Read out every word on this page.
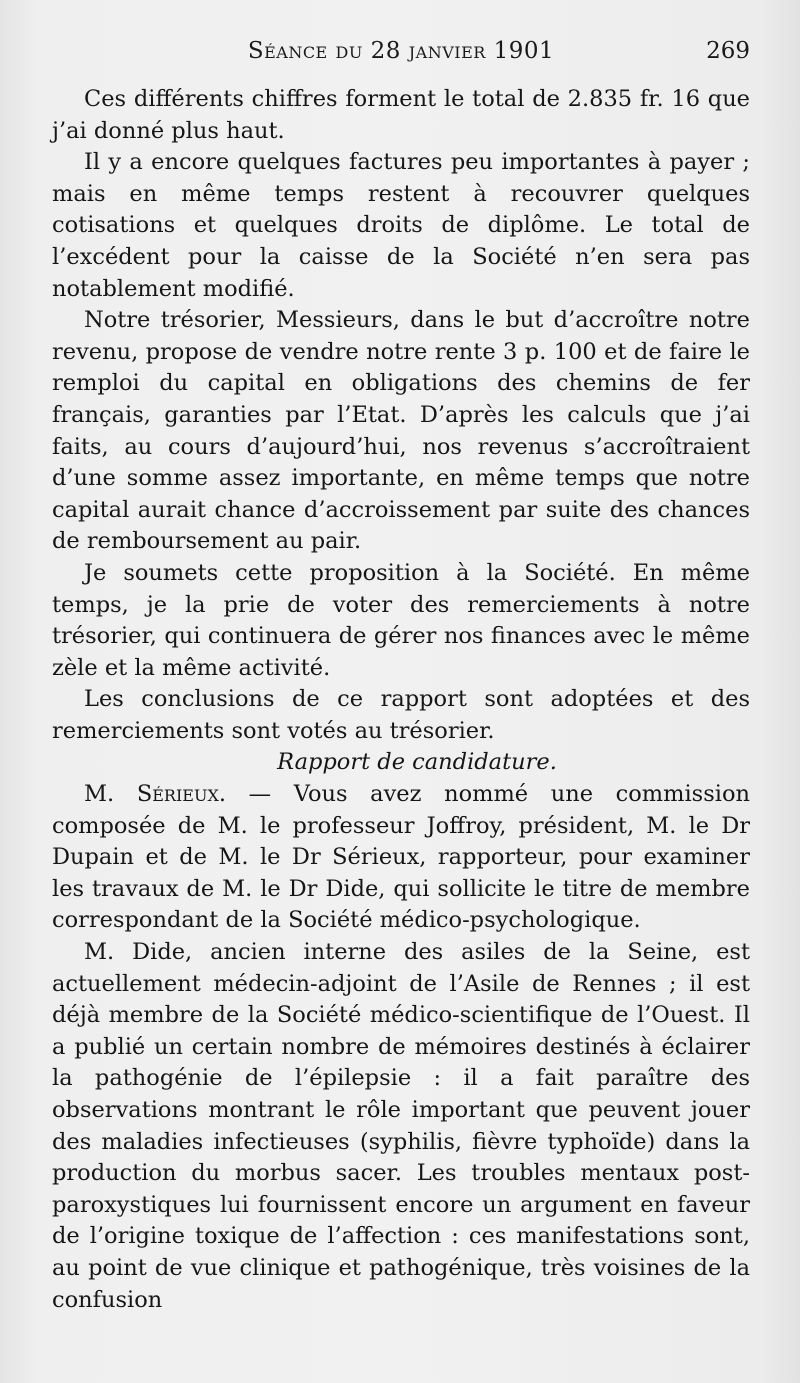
Séance du 28 janvier 1901	269

Ces différents chiffres forment le total de 2.835 fr. 16 que j’ai donné plus haut.

Il y a encore quelques factures peu importantes à payer ; mais en même temps restent à recouvrer quelques cotisations et quelques droits de diplôme. Le total de l’excédent pour la caisse de la Société n’en sera pas notablement modifié.

Notre trésorier, Messieurs, dans le but d’accroître notre revenu, propose de vendre notre rente 3 p. 100 et de faire le remploi du capital en obligations des chemins de fer français, garanties par l’Etat. D’après les calculs que j’ai faits, au cours d’aujourd’hui, nos revenus s’accroîtraient d’une somme assez importante, en même temps que notre capital aurait chance d’accroissement par suite des chances de remboursement au pair.

Je soumets cette proposition à la Société. En même temps, je la prie de voter des remerciements à notre trésorier, qui continuera de gérer nos finances avec le même zèle et la même activité.

Les conclusions de ce rapport sont adoptées et des remerciements sont votés au trésorier.

Rapport de candidature.

M. Sérieux. — Vous avez nommé une commission composée de M. le professeur Joffroy, président, M. le Dr Dupain et de M. le Dr Sérieux, rapporteur, pour examiner les travaux de M. le Dr Dide, qui sollicite le titre de membre correspondant de la Société médico-psychologique.

M. Dide, ancien interne des asiles de la Seine, est actuellement médecin-adjoint de l’Asile de Rennes ; il est déjà membre de la Société médico-scientifique de l’Ouest. Il a publié un certain nombre de mémoires destinés à éclairer la pathogénie de l’épilepsie : il a fait paraître des observations montrant le rôle important que peuvent jouer des maladies infectieuses (syphilis, fièvre typhoïde) dans la production du morbus sacer. Les troubles mentaux post-paroxystiques lui fournissent encore un argument en faveur de l’origine toxique de l’affection : ces manifestations sont, au point de vue clinique et pathogénique, très voisines de la confusion
